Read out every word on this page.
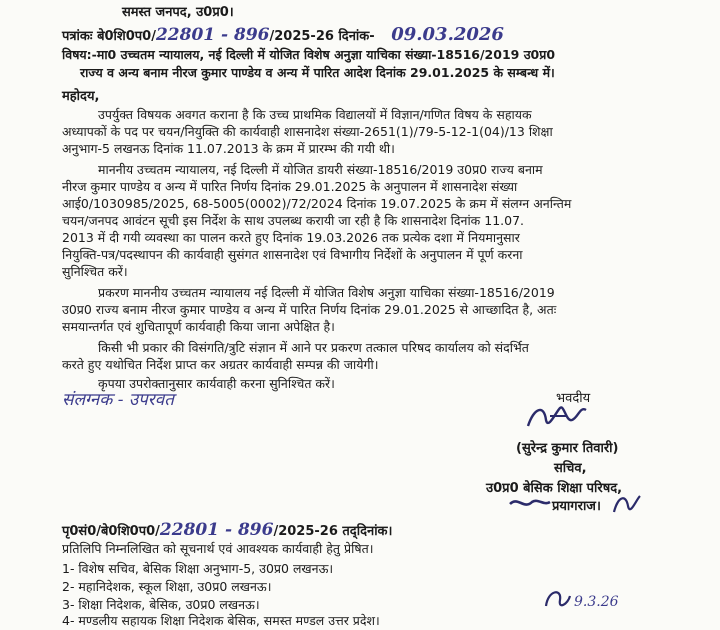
समस्त जनपद, उ0प्र0।
पत्रांकः बे0शि0प0/22801 - 896/2025-26 दिनांक- 09.03.2026
विषय:-मा0 उच्चतम न्यायालय, नई दिल्ली में योजित विशेष अनुज्ञा याचिका संख्या-18516/2019 उ0प्र0
राज्य व अन्य बनाम नीरज कुमार पाण्डेय व अन्य में पारित आदेश दिनांक 29.01.2025 के सम्बन्ध में।
महोदय,
उपर्युक्त विषयक अवगत कराना है कि उच्च प्राथमिक विद्यालयों में विज्ञान/गणित विषय के सहायक
अध्यापकों के पद पर चयन/नियुक्ति की कार्यवाही शासनादेश संख्या-2651(1)/79-5-12-1(04)/13 शिक्षा
अनुभाग-5 लखनऊ दिनांक 11.07.2013 के क्रम में प्रारम्भ की गयी थी।
माननीय उच्चतम न्यायालय, नई दिल्ली में योजित डायरी संख्या-18516/2019 उ0प्र0 राज्य बनाम
नीरज कुमार पाण्डेय व अन्य में पारित निर्णय दिनांक 29.01.2025 के अनुपालन में शासनादेश संख्या
आई0/1030985/2025, 68-5005(0002)/72/2024 दिनांक 19.07.2025 के क्रम में संलग्न अनन्तिम
चयन/जनपद आवंटन सूची इस निर्देश के साथ उपलब्ध करायी जा रही है कि शासनादेश दिनांक 11.07.
2013 में दी गयी व्यवस्था का पालन करते हुए दिनांक 19.03.2026 तक प्रत्येक दशा में नियमानुसार
नियुक्ति-पत्र/पदस्थापन की कार्यवाही सुसंगत शासनादेश एवं विभागीय निर्देशों के अनुपालन में पूर्ण करना
सुनिश्चित करें।
प्रकरण माननीय उच्चतम न्यायालय नई दिल्ली में योजित विशेष अनुज्ञा याचिका संख्या-18516/2019
उ0प्र0 राज्य बनाम नीरज कुमार पाण्डेय व अन्य में पारित निर्णय दिनांक 29.01.2025 से आच्छादित है, अतः
समयान्तर्गत एवं शुचितापूर्ण कार्यवाही किया जाना अपेक्षित है।
किसी भी प्रकार की विसंगति/त्रुटि संज्ञान में आने पर प्रकरण तत्काल परिषद कार्यालय को संदर्भित
करते हुए यथोचित निर्देश प्राप्त कर अग्रतर कार्यवाही सम्पन्न की जायेगी।
कृपया उपरोक्तानुसार कार्यवाही करना सुनिश्चित करें।
संलग्नक - उपरवत	भवदीय
(सुरेन्द्र कुमार तिवारी)
सचिव,
उ0प्र0 बेसिक शिक्षा परिषद,
प्रयागराज।
पृ0सं0/बे0शि0प0/22801 - 896/2025-26 तद्‌दिनांक।
प्रतिलिपि निम्नलिखित को सूचनार्थ एवं आवश्यक कार्यवाही हेतु प्रेषित।
1- विशेष सचिव, बेसिक शिक्षा अनुभाग-5, उ0प्र0 लखनऊ।
2- महानिदेशक, स्कूल शिक्षा, उ0प्र0 लखनऊ।
3- शिक्षा निदेशक, बेसिक, उ0प्र0 लखनऊ।
4- मण्डलीय सहायक शिक्षा निदेशक बेसिक, समस्त मण्डल उत्तर प्रदेश।
9.3.26
